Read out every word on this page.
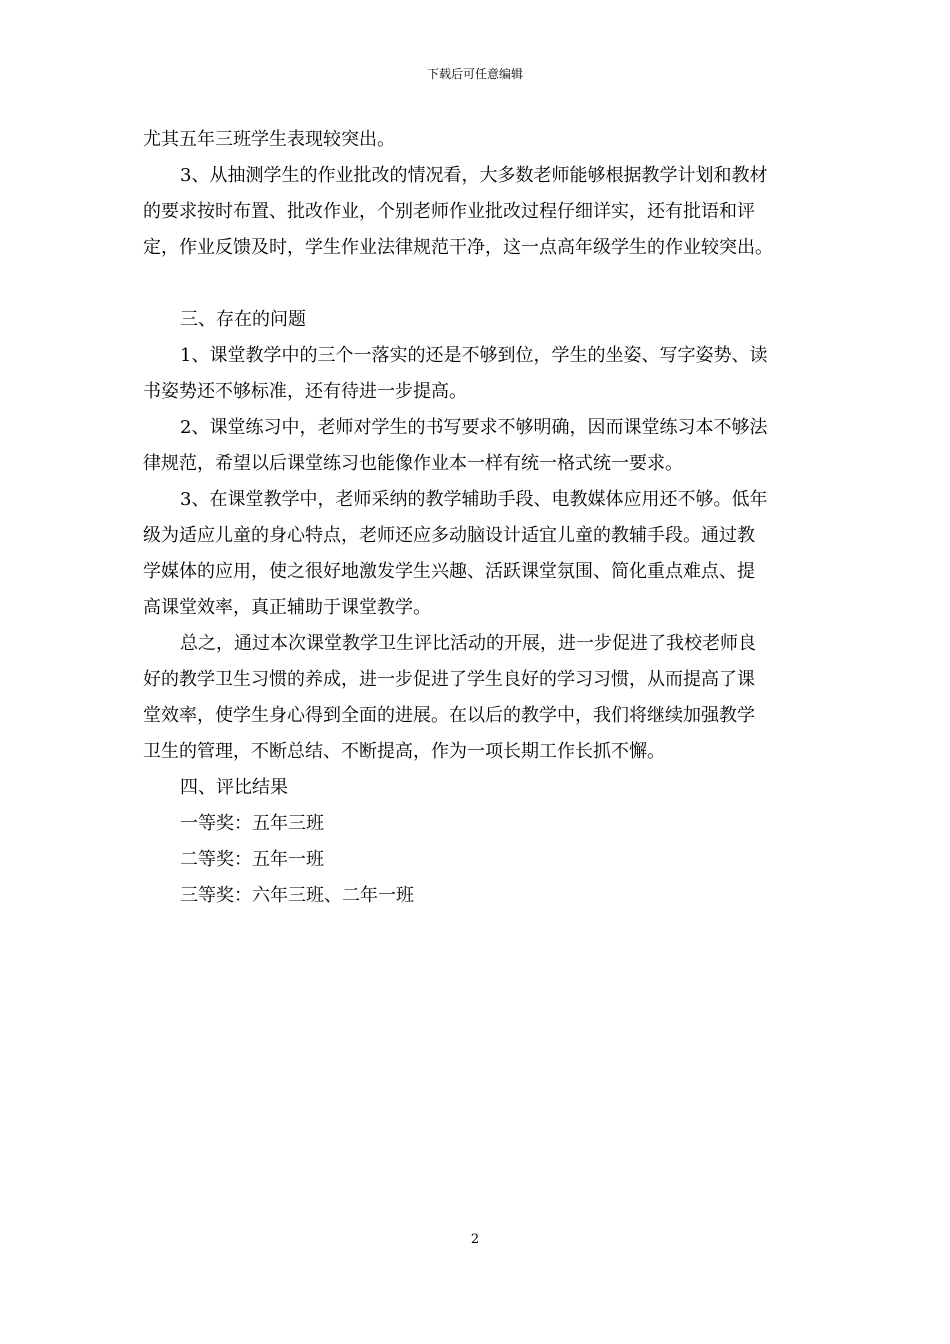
下载后可任意编辑

尤其五年三班学生表现较突出。

3、从抽测学生的作业批改的情况看，大多数老师能够根据教学计划和教材

的要求按时布置、批改作业，个别老师作业批改过程仔细详实，还有批语和评

定，作业反馈及时，学生作业法律规范干净，这一点高年级学生的作业较突出。

三、存在的问题

1、课堂教学中的三个一落实的还是不够到位，学生的坐姿、写字姿势、读

书姿势还不够标准，还有待进一步提高。

2、课堂练习中，老师对学生的书写要求不够明确，因而课堂练习本不够法

律规范，希望以后课堂练习也能像作业本一样有统一格式统一要求。

3、在课堂教学中，老师采纳的教学辅助手段、电教媒体应用还不够。低年

级为适应儿童的身心特点，老师还应多动脑设计适宜儿童的教辅手段。通过教

学媒体的应用，使之很好地激发学生兴趣、活跃课堂氛围、简化重点难点、提

高课堂效率，真正辅助于课堂教学。

总之，通过本次课堂教学卫生评比活动的开展，进一步促进了我校老师良

好的教学卫生习惯的养成，进一步促进了学生良好的学习习惯，从而提高了课

堂效率，使学生身心得到全面的进展。在以后的教学中，我们将继续加强教学

卫生的管理，不断总结、不断提高，作为一项长期工作长抓不懈。

四、评比结果

一等奖：五年三班

二等奖：五年一班

三等奖：六年三班、二年一班

2
